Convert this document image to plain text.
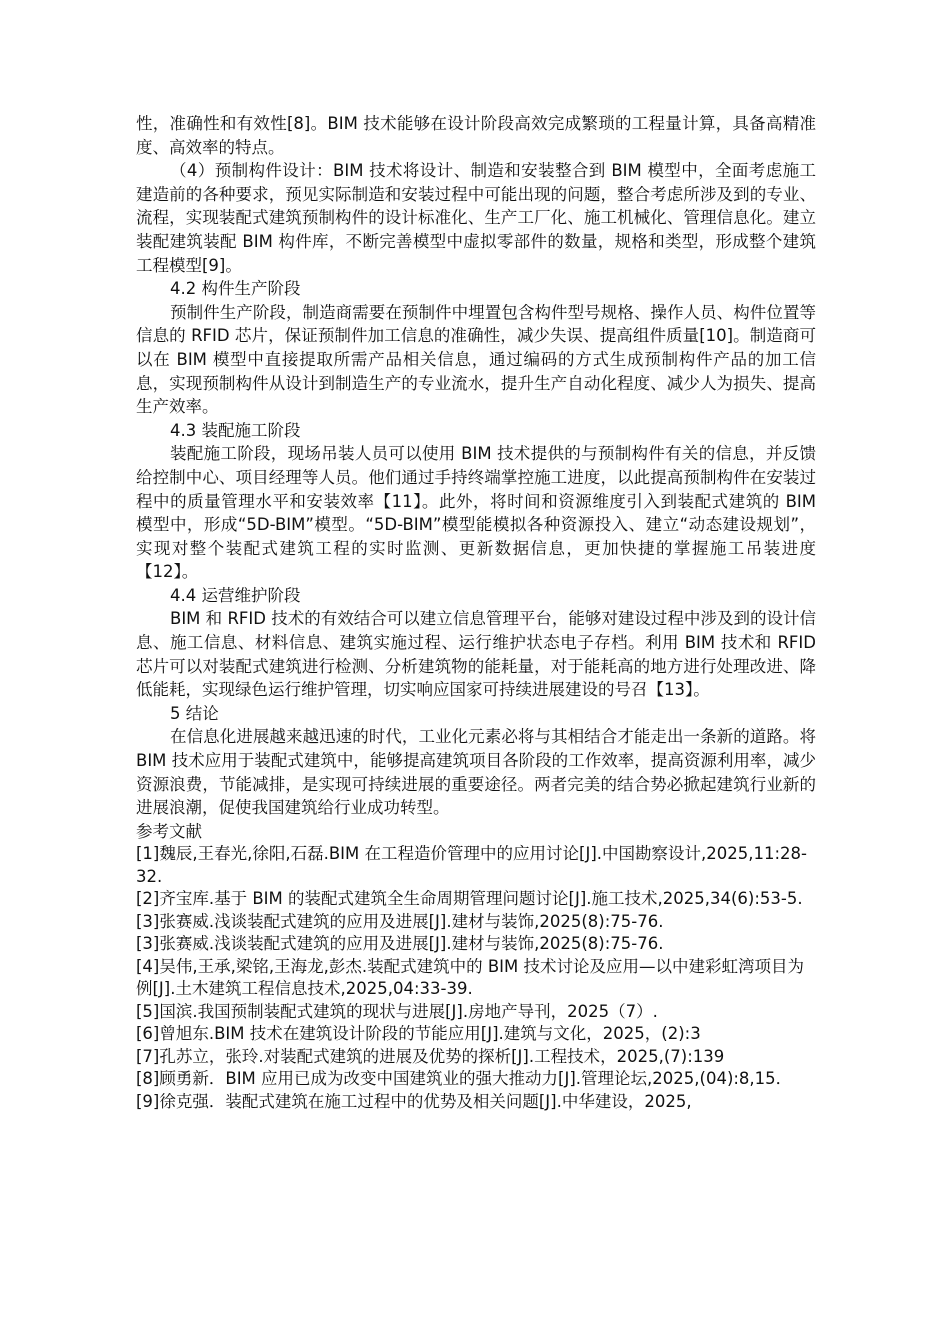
性，准确性和有效性[8]。BIM 技术能够在设计阶段高效完成繁琐的工程量计算，具备高精准度、高效率的特点。

（4）预制构件设计：BIM 技术将设计、制造和安装整合到 BIM 模型中，全面考虑施工建造前的各种要求，预见实际制造和安装过程中可能出现的问题，整合考虑所涉及到的专业、流程，实现装配式建筑预制构件的设计标准化、生产工厂化、施工机械化、管理信息化。建立装配建筑装配 BIM 构件库，不断完善模型中虚拟零部件的数量，规格和类型，形成整个建筑工程模型[9]。

4.2 构件生产阶段

预制件生产阶段，制造商需要在预制件中埋置包含构件型号规格、操作人员、构件位置等信息的 RFID 芯片，保证预制件加工信息的准确性，减少失误、提高组件质量[10]。制造商可以在 BIM 模型中直接提取所需产品相关信息，通过编码的方式生成预制构件产品的加工信息，实现预制构件从设计到制造生产的专业流水，提升生产自动化程度、减少人为损失、提高生产效率。

4.3 装配施工阶段

装配施工阶段，现场吊装人员可以使用 BIM 技术提供的与预制构件有关的信息，并反馈给控制中心、项目经理等人员。他们通过手持终端掌控施工进度，以此提高预制构件在安装过程中的质量管理水平和安装效率【11】。此外，将时间和资源维度引入到装配式建筑的 BIM 模型中，形成“5D-BIM”模型。“5D-BIM”模型能模拟各种资源投入、建立“动态建设规划”，实现对整个装配式建筑工程的实时监测、更新数据信息，更加快捷的掌握施工吊装进度【12】。

4.4 运营维护阶段

BIM 和 RFID 技术的有效结合可以建立信息管理平台，能够对建设过程中涉及到的设计信息、施工信息、材料信息、建筑实施过程、运行维护状态电子存档。利用 BIM 技术和 RFID 芯片可以对装配式建筑进行检测、分析建筑物的能耗量，对于能耗高的地方进行处理改进、降低能耗，实现绿色运行维护管理，切实响应国家可持续进展建设的号召【13】。

5 结论

在信息化进展越来越迅速的时代，工业化元素必将与其相结合才能走出一条新的道路。将 BIM 技术应用于装配式建筑中，能够提高建筑项目各阶段的工作效率，提高资源利用率，减少资源浪费，节能减排，是实现可持续进展的重要途径。两者完美的结合势必掀起建筑行业新的进展浪潮，促使我国建筑给行业成功转型。

参考文献

[1]魏辰,王春光,徐阳,石磊.BIM 在工程造价管理中的应用讨论[J].中国勘察设计,2025,11:28-32.

[2]齐宝库.基于 BIM 的装配式建筑全生命周期管理问题讨论[J].施工技术,2025,34(6):53-5.[3]张赛威.浅谈装配式建筑的应用及进展[J].建材与装饰,2025(8):75-76.

[3]张赛威.浅谈装配式建筑的应用及进展[J].建材与装饰,2025(8):75-76.

[4]吴伟,王承,梁铭,王海龙,彭杰.装配式建筑中的 BIM 技术讨论及应用—以中建彩虹湾项目为例[J].土木建筑工程信息技术,2025,04:33-39.

[5]国滨.我国预制装配式建筑的现状与进展[J].房地产导刊，2025（7）.

[6]曾旭东.BIM 技术在建筑设计阶段的节能应用[J].建筑与文化，2025，(2):3

[7]孔苏立，张玲.对装配式建筑的进展及优势的探析[J].工程技术，2025,(7):139

[8]顾勇新．BIM 应用已成为改变中国建筑业的强大推动力[J].管理论坛,2025,(04):8,15．

[9]徐克强．装配式建筑在施工过程中的优势及相关问题[J].中华建设，2025,
